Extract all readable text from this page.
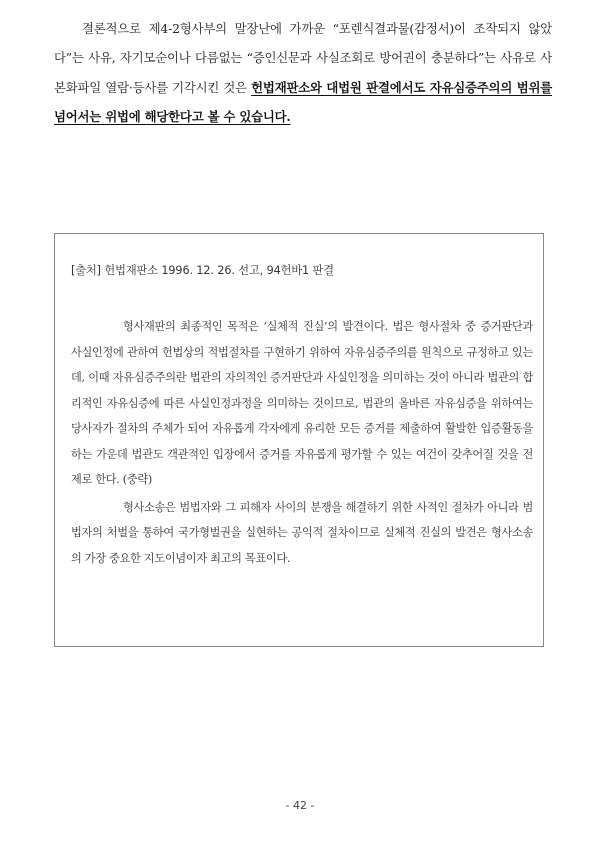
결론적으로 제4-2형사부의 말장난에 가까운 “포렌식결과물(감정서)이 조작되지 않았다”는 사유, 자기모순이나 다름없는 “증인신문과 사실조회로 방어권이 충분하다”는 사유로 사본화파일 열람·등사를 기각시킨 것은 헌법재판소와 대법원 판결에서도 자유심증주의의 범위를 넘어서는 위법에 해당한다고 볼 수 있습니다.
[출처] 헌법재판소 1996. 12. 26. 선고, 94헌바1 판결

형사재판의 최종적인 목적은 ‘실체적 진실’의 발견이다. 법은 형사절차 중 증거판단과 사실인정에 관하여 헌법상의 적법절차를 구현하기 위하여 자유심증주의를 원칙으로 규정하고 있는데, 이때 자유심증주의란 법관의 자의적인 증거판단과 사실인정을 의미하는 것이 아니라 법관의 합리적인 자유심증에 따른 사실인정과정을 의미하는 것이므로, 법관의 올바른 자유심증을 위하여는 당사자가 절차의 주체가 되어 자유롭게 각자에게 유리한 모든 증거를 제출하여 활발한 입증활동을 하는 가운데 법관도 객관적인 입장에서 증거를 자유롭게 평가할 수 있는 여건이 갖추어질 것을 전제로 한다. (중략)

형사소송은 범법자와 그 피해자 사이의 분쟁을 해결하기 위한 사적인 절차가 아니라 범법자의 처벌을 통하여 국가형벌권을 실현하는 공익적 절차이므로 실체적 진실의 발견은 형사소송의 가장 중요한 지도이념이자 최고의 목표이다.

- 42 -
